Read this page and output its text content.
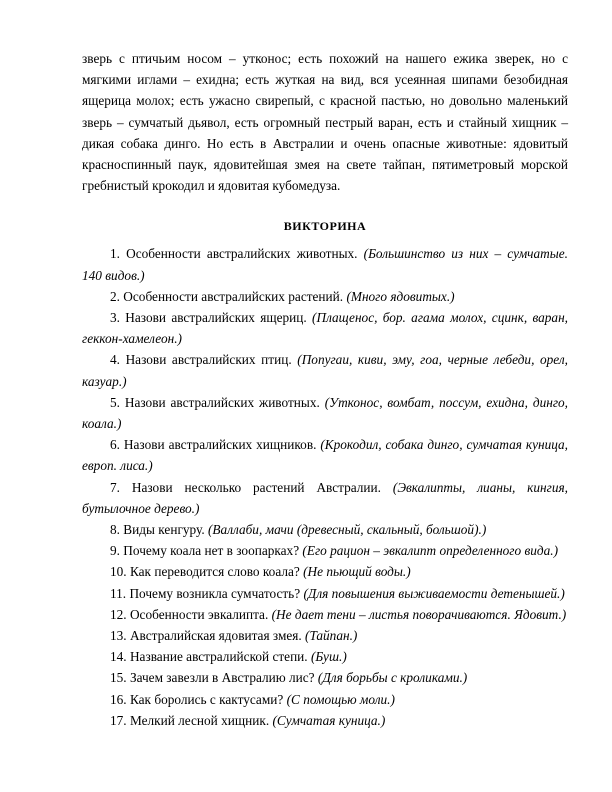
зверь с птичьим носом – утконос; есть похожий на нашего ежика зверек, но с мягкими иглами – ехидна; есть жуткая на вид, вся усеянная шипами безобидная ящерица молох; есть ужасно свирепый, с красной пастью, но довольно маленький зверь – сумчатый дьявол, есть огромный пестрый варан, есть и стайный хищник – дикая собака динго. Но есть в Австралии и очень опасные животные: ядовитый красноспинный паук, ядовитейшая змея на свете тайпан, пятиметровый морской гребнистый крокодил и ядовитая кубомедуза.

ВИКТОРИНА

1. Особенности австралийских животных. (Большинство из них – сумчатые. 140 видов.)

2. Особенности австралийских растений. (Много ядовитых.)

3. Назови австралийских ящериц. (Плащенос, бор. агама молох, сцинк, варан, геккон-хамелеон.)

4. Назови австралийских птиц. (Попугаи, киви, эму, гоа, черные лебеди, орел, казуар.)

5. Назови австралийских животных. (Утконос, вомбат, поссум, ехидна, динго, коала.)

6. Назови австралийских хищников. (Крокодил, собака динго, сумчатая куница, европ. лиса.)

7. Назови несколько растений Австралии. (Эвкалипты, лианы, кингия, бутылочное дерево.)

8. Виды кенгуру. (Валлаби, мачи (древесный, скальный, большой).)

9. Почему коала нет в зоопарках? (Его рацион – эвкалипт определенного вида.)

10. Как переводится слово коала? (Не пьющий воды.)

11. Почему возникла сумчатость? (Для повышения выживаемости детенышей.)

12. Особенности эвкалипта. (Не дает тени – листья поворачиваются. Ядовит.)

13. Австралийская ядовитая змея. (Тайпан.)

14. Название австралийской степи. (Буш.)

15. Зачем завезли в Австралию лис? (Для борьбы с кроликами.)

16. Как боролись с кактусами? (С помощью моли.)

17. Мелкий лесной хищник. (Сумчатая куница.)
